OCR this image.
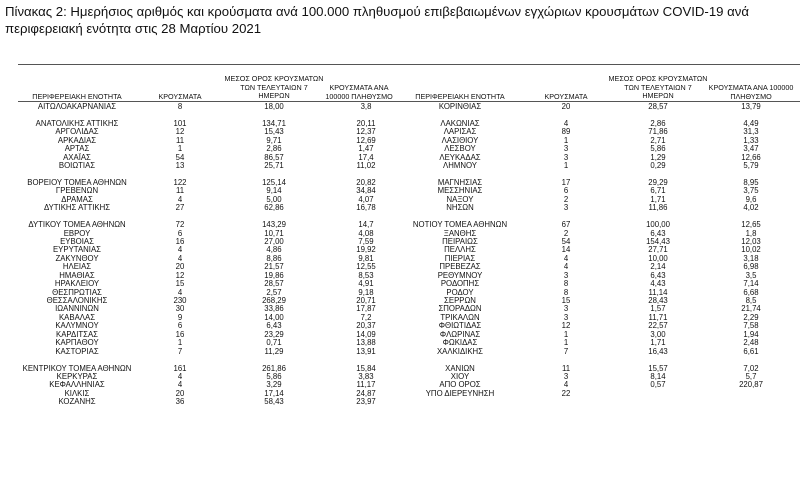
Πίνακας 2: Ημερήσιος αριθμός και κρούσματα ανά 100.000 πληθυσμού επιβεβαιωμένων εγχώριων κρουσμάτων COVID-19 ανά περιφερειακή ενότητα στις 28 Μαρτίου 2021
ΠΕΡΙΦΕΡΕΙΑΚΗ ΕΝΟΤΗΤΑ	ΚΡΟΥΣΜΑΤΑ
ΜΕΣΟΣ ΟΡΟΣ ΚΡΟΥΣΜΑΤΩΝ ΤΩΝ ΤΕΛΕΥΤΑΙΩΝ 7 ΗΜΕΡΩΝ
ΚΡΟΥΣΜΑΤΑ ΑΝΑ 100000 ΠΛΗΘΥΣΜΟ	ΠΕΡΙΦΕΡΕΙΑΚΗ ΕΝΟΤΗΤΑ	ΚΡΟΥΣΜΑΤΑ
ΜΕΣΟΣ ΟΡΟΣ ΚΡΟΥΣΜΑΤΩΝ ΤΩΝ ΤΕΛΕΥΤΑΙΩΝ 7 ΗΜΕΡΩΝ
ΚΡΟΥΣΜΑΤΑ ΑΝΑ 100000 ΠΛΗΘΥΣΜΟ
ΑΙΤΩΛΟΑΚΑΡΝΑΝΙΑΣ	8	18,00	3,8

ΑΝΑΤΟΛΙΚΗΣ ΑΤΤΙΚΗΣ	101	134,71	20,11
ΑΡΓΟΛΙΔΑΣ	12	15,43	12,37
ΑΡΚΑΔΙΑΣ	11	9,71	12,69
ΑΡΤΑΣ	1	2,86	1,47
ΑΧΑΪΑΣ	54	86,57	17,4
ΒΟΙΩΤΙΑΣ	13	25,71	11,02

ΒΟΡΕΙΟΥ ΤΟΜΕΑ ΑΘΗΝΩΝ	122	125,14	20,82
ΓΡΕΒΕΝΩΝ	11	9,14	34,84
ΔΡΑΜΑΣ	4	5,00	4,07
ΔΥΤΙΚΗΣ ΑΤΤΙΚΗΣ	27	62,86	16,78

ΔΥΤΙΚΟΥ ΤΟΜΕΑ ΑΘΗΝΩΝ	72	143,29	14,7
ΕΒΡΟΥ	6	10,71	4,08
ΕΥΒΟΙΑΣ	16	27,00	7,59
ΕΥΡΥΤΑΝΙΑΣ	4	4,86	19,92
ΖΑΚΥΝΘΟΥ	4	8,86	9,81
ΗΛΕΙΑΣ	20	21,57	12,55
ΗΜΑΘΙΑΣ	12	19,86	8,53
ΗΡΑΚΛΕΙΟΥ	15	28,57	4,91
ΘΕΣΠΡΩΤΙΑΣ	4	2,57	9,18
ΘΕΣΣΑΛΟΝΙΚΗΣ	230	268,29	20,71
ΙΩΑΝΝΙΝΩΝ	30	33,86	17,87
ΚΑΒΑΛΑΣ	9	14,00	7,2
ΚΑΛΥΜΝΟΥ	6	6,43	20,37
ΚΑΡΔΙΤΣΑΣ	16	23,29	14,09
ΚΑΡΠΑΘΟΥ	1	0,71	13,88
ΚΑΣΤΟΡΙΑΣ	7	11,29	13,91

ΚΕΝΤΡΙΚΟΥ ΤΟΜΕΑ ΑΘΗΝΩΝ	161	261,86	15,84
ΚΕΡΚΥΡΑΣ	4	5,86	3,83
ΚΕΦΑΛΛΗΝΙΑΣ	4	3,29	11,17
ΚΙΛΚΙΣ	20	17,14	24,87
ΚΟΖΑΝΗΣ	36	58,43	23,97
ΚΟΡΙΝΘΙΑΣ	20	28,57	13,79

ΛΑΚΩΝΙΑΣ	4	2,86	4,49
ΛΑΡΙΣΑΣ	89	71,86	31,3
ΛΑΣΙΘΙΟΥ	1	2,71	1,33
ΛΕΣΒΟΥ	3	5,86	3,47
ΛΕΥΚΑΔΑΣ	3	1,29	12,66
ΛΗΜΝΟΥ	1	0,29	5,79

ΜΑΓΝΗΣΙΑΣ	17	29,29	8,95
ΜΕΣΣΗΝΙΑΣ	6	6,71	3,75
ΝΑΞΟΥ	2	1,71	9,6
ΝΗΣΩΝ	3	11,86	4,02

ΝΟΤΙΟΥ ΤΟΜΕΑ ΑΘΗΝΩΝ	67	100,00	12,65
ΞΑΝΘΗΣ	2	6,43	1,8
ΠΕΙΡΑΙΩΣ	54	154,43	12,03
ΠΕΛΛΗΣ	14	27,71	10,02
ΠΙΕΡΙΑΣ	4	10,00	3,18
ΠΡΕΒΕΖΑΣ	4	2,14	6,98
ΡΕΘΥΜΝΟΥ	3	6,43	3,5
ΡΟΔΟΠΗΣ	8	4,43	7,14
ΡΟΔΟΥ	8	11,14	6,68
ΣΕΡΡΩΝ	15	28,43	8,5
ΣΠΟΡΑΔΩΝ	3	1,57	21,74
ΤΡΙΚΑΛΩΝ	3	11,71	2,29
ΦΘΙΩΤΙΔΑΣ	12	22,57	7,58
ΦΛΩΡΙΝΑΣ	1	3,00	1,94
ΦΩΚΙΔΑΣ	1	1,71	2,48
ΧΑΛΚΙΔΙΚΗΣ	7	16,43	6,61

ΧΑΝΙΩΝ	11	15,57	7,02
ΧΙΟΥ	3	8,14	5,7
ΑΠΟ ΟΡΟΣ	4	0,57	220,87
ΥΠΟ ΔΙΕΡΕΥΝΗΣΗ	22		
